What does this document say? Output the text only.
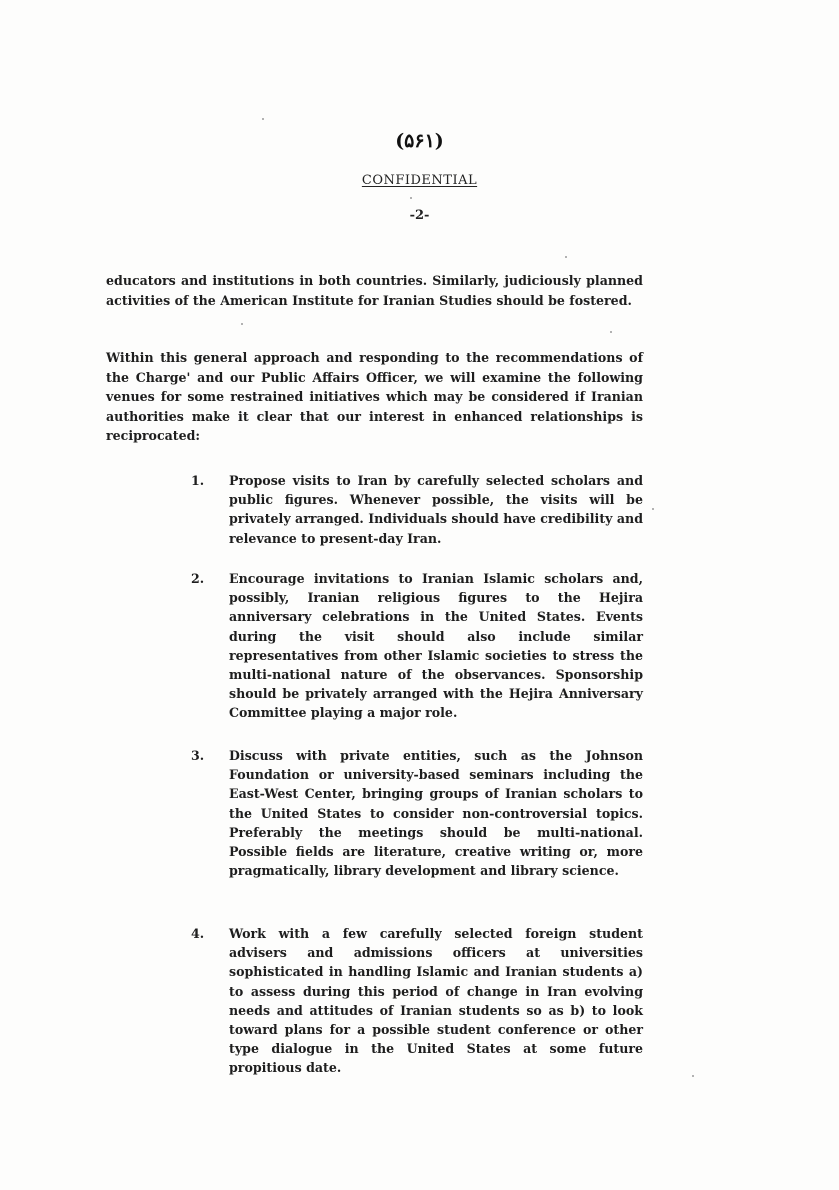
(۵۶۱)
CONFIDENTIAL
-2-
educators and institutions in both countries. Similarly, judiciously planned activities of the American Institute for Iranian Studies should be fostered.
Within this general approach and responding to the recommendations of the Charge' and our Public Affairs Officer, we will examine the following venues for some restrained initiatives which may be considered if Iranian authorities make it clear that our interest in enhanced relationships is reciprocated:
1.	Propose visits to Iran by carefully selected scholars and public figures. Whenever possible, the visits will be privately arranged. Individuals should have credibility and relevance to present-day Iran.
2.	Encourage invitations to Iranian Islamic scholars and, possibly, Iranian religious figures to the Hejira anniversary celebrations in the United States. Events during the visit should also include similar representatives from other Islamic societies to stress the multi-national nature of the observances. Sponsorship should be privately arranged with the Hejira Anniversary Committee playing a major role.
3.	Discuss with private entities, such as the Johnson Foundation or university-based seminars including the East-West Center, bringing groups of Iranian scholars to the United States to consider non-controversial topics. Preferably the meetings should be multi-national. Possible fields are literature, creative writing or, more pragmatically, library development and library science.
4.	Work with a few carefully selected foreign student advisers and admissions officers at universities sophisticated in handling Islamic and Iranian students a) to assess during this period of change in Iran evolving needs and attitudes of Iranian students so as b) to look toward plans for a possible student conference or other type dialogue in the United States at some future propitious date.
